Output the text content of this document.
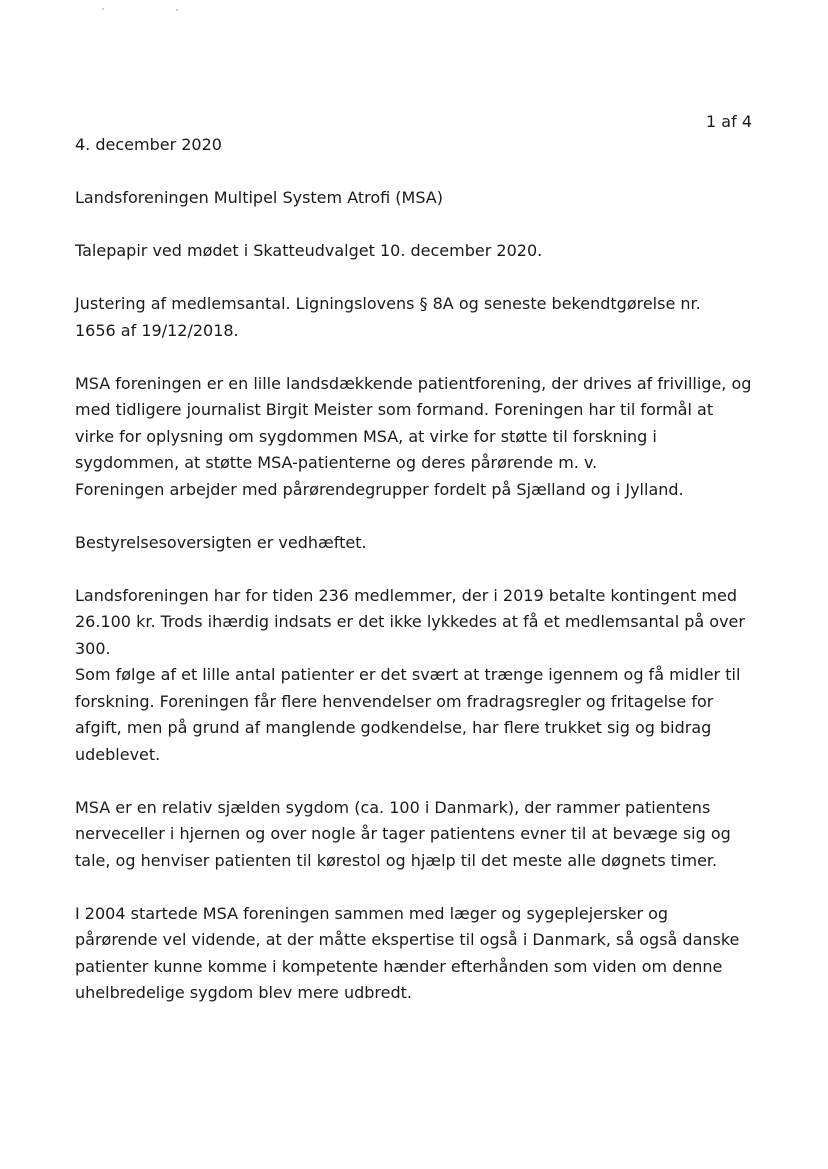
1 af 4

4. december 2020

Landsforeningen Multipel System Atrofi (MSA)

Talepapir ved mødet i Skatteudvalget 10. december 2020.

Justering af medlemsantal. Ligningslovens § 8A og seneste bekendtgørelse nr.
1656 af 19/12/2018.

MSA foreningen er en lille landsdækkende patientforening, der drives af frivillige, og
med tidligere journalist Birgit Meister som formand. Foreningen har til formål at
virke for oplysning om sygdommen MSA, at virke for støtte til forskning i
sygdommen, at støtte MSA-patienterne og deres pårørende m. v.
Foreningen arbejder med pårørendegrupper fordelt på Sjælland og i Jylland.

Bestyrelsesoversigten er vedhæftet.

Landsforeningen har for tiden 236 medlemmer, der i 2019 betalte kontingent med
26.100 kr. Trods ihærdig indsats er det ikke lykkedes at få et medlemsantal på over
300.
Som følge af et lille antal patienter er det svært at trænge igennem og få midler til
forskning. Foreningen får flere henvendelser om fradragsregler og fritagelse for
afgift, men på grund af manglende godkendelse, har flere trukket sig og bidrag
udeblevet.

MSA er en relativ sjælden sygdom (ca. 100 i Danmark), der rammer patientens
nerveceller i hjernen og over nogle år tager patientens evner til at bevæge sig og
tale, og henviser patienten til kørestol og hjælp til det meste alle døgnets timer.

I 2004 startede MSA foreningen sammen med læger og sygeplejersker og
pårørende vel vidende, at der måtte ekspertise til også i Danmark, så også danske
patienter kunne komme i kompetente hænder efterhånden som viden om denne
uhelbredelige sygdom blev mere udbredt.
